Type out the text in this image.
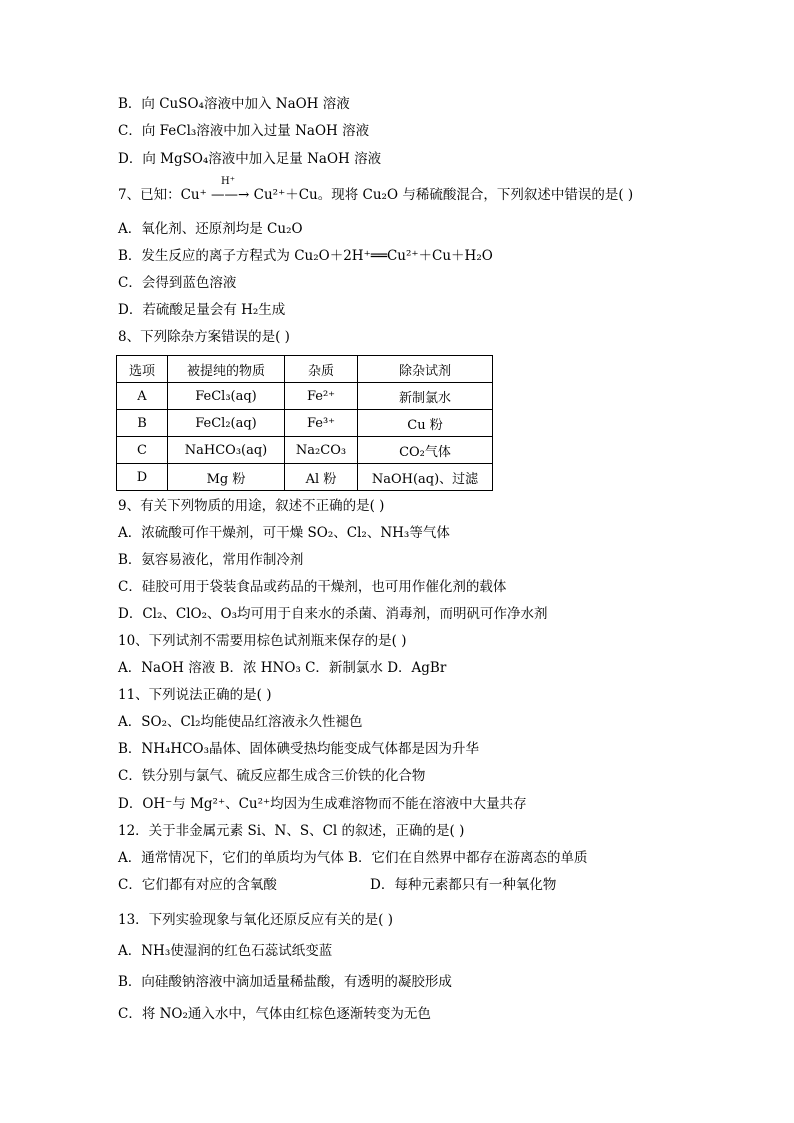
B．向 CuSO₄溶液中加入 NaOH 溶液
C．向 FeCl₃溶液中加入过量 NaOH 溶液
D．向 MgSO₄溶液中加入足量 NaOH 溶液
7、已知：Cu⁺
H⁺
——→ Cu²⁺＋Cu。现将 Cu₂O 与稀硫酸混合，下列叙述中错误的是( )
A．氧化剂、还原剂均是 Cu₂O
B．发生反应的离子方程式为 Cu₂O＋2H⁺══Cu²⁺＋Cu＋H₂O
C．会得到蓝色溶液
D．若硫酸足量会有 H₂生成
8、下列除杂方案错误的是( )
选项	被提纯的物质	杂质	除杂试剂
A	FeCl₃(aq)	Fe²⁺	新制氯水
B	FeCl₂(aq)	Fe³⁺	Cu 粉
C	NaHCO₃(aq)	Na₂CO₃	CO₂气体
D	Mg 粉	Al 粉	NaOH(aq)、过滤
9、有关下列物质的用途，叙述不正确的是( )
A．浓硫酸可作干燥剂，可干燥 SO₂、Cl₂、NH₃等气体
B．氨容易液化，常用作制冷剂
C．硅胶可用于袋装食品或药品的干燥剂，也可用作催化剂的载体
D．Cl₂、ClO₂、O₃均可用于自来水的杀菌、消毒剂，而明矾可作净水剂
10、下列试剂不需要用棕色试剂瓶来保存的是( )
A．NaOH 溶液 B．浓 HNO₃ C．新制氯水 D．AgBr
11、下列说法正确的是( )
A．SO₂、Cl₂均能使品红溶液永久性褪色
B．NH₄HCO₃晶体、固体碘受热均能变成气体都是因为升华
C．铁分别与氯气、硫反应都生成含三价铁的化合物
D．OH⁻与 Mg²⁺、Cu²⁺均因为生成难溶物而不能在溶液中大量共存
12．关于非金属元素 Si、N、S、Cl 的叙述，正确的是( )
A．通常情况下，它们的单质均为气体 B．它们在自然界中都存在游离态的单质
C．它们都有对应的含氧酸	D．每种元素都只有一种氧化物
13．下列实验现象与氧化还原反应有关的是( )
A．NH₃使湿润的红色石蕊试纸变蓝
B．向硅酸钠溶液中滴加适量稀盐酸，有透明的凝胶形成
C．将 NO₂通入水中，气体由红棕色逐渐转变为无色
